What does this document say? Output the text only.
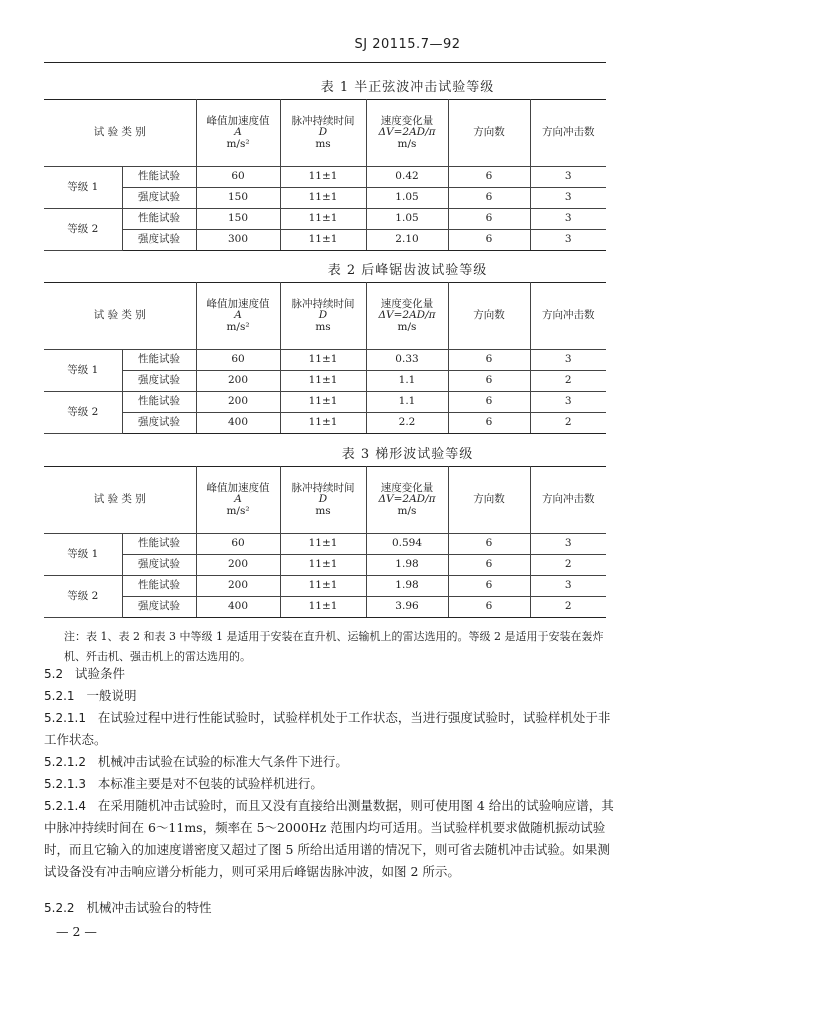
SJ 20115.7—92
表 1 半正弦波冲击试验等级
试 验 类 别		峰值加速度值
A
m/s²	脉冲持续时间
D
ms	速度变化量
ΔV=2AD/π
m/s	方向数	方向冲击数
等级 1	性能试验	60	11±1	0.42	6	3
	强度试验	150	11±1	1.05	6	3
等级 2	性能试验	150	11±1	1.05	6	3
	强度试验	300	11±1	2.10	6	3
表 2 后峰锯齿波试验等级
试 验 类 别		峰值加速度值
A
m/s²	脉冲持续时间
D
ms	速度变化量
ΔV=2AD/π
m/s	方向数	方向冲击数
等级 1	性能试验	60	11±1	0.33	6	3
	强度试验	200	11±1	1.1	6	2
等级 2	性能试验	200	11±1	1.1	6	3
	强度试验	400	11±1	2.2	6	2
表 3 梯形波试验等级
试 验 类 别		峰值加速度值
A
m/s²	脉冲持续时间
D
ms	速度变化量
ΔV=2AD/π
m/s	方向数	方向冲击数
等级 1	性能试验	60	11±1	0.594	6	3
	强度试验	200	11±1	1.98	6	2
等级 2	性能试验	200	11±1	1.98	6	3
	强度试验	400	11±1	3.96	6	2
注：表 1、表 2 和表 3 中等级 1 是适用于安装在直升机、运输机上的雷达选用的。等级 2 是适用于安装在轰炸机、歼击机、强击机上的雷达选用的。
5.2 试验条件
5.2.1 一般说明
5.2.1.1 在试验过程中进行性能试验时，试验样机处于工作状态，当进行强度试验时，试验样机处于非工作状态。
5.2.1.2 机械冲击试验在试验的标准大气条件下进行。
5.2.1.3 本标准主要是对不包装的试验样机进行。
5.2.1.4 在采用随机冲击试验时，而且又没有直接给出测量数据，则可使用图 4 给出的试验响应谱，其中脉冲持续时间在 6～11ms，频率在 5～2000Hz 范围内均可适用。当试验样机要求做随机振动试验时，而且它输入的加速度谱密度又超过了图 5 所给出适用谱的情况下，则可省去随机冲击试验。如果测试设备没有冲击响应谱分析能力，则可采用后峰锯齿脉冲波，如图 2 所示。
5.2.2 机械冲击试验台的特性
— 2 —
